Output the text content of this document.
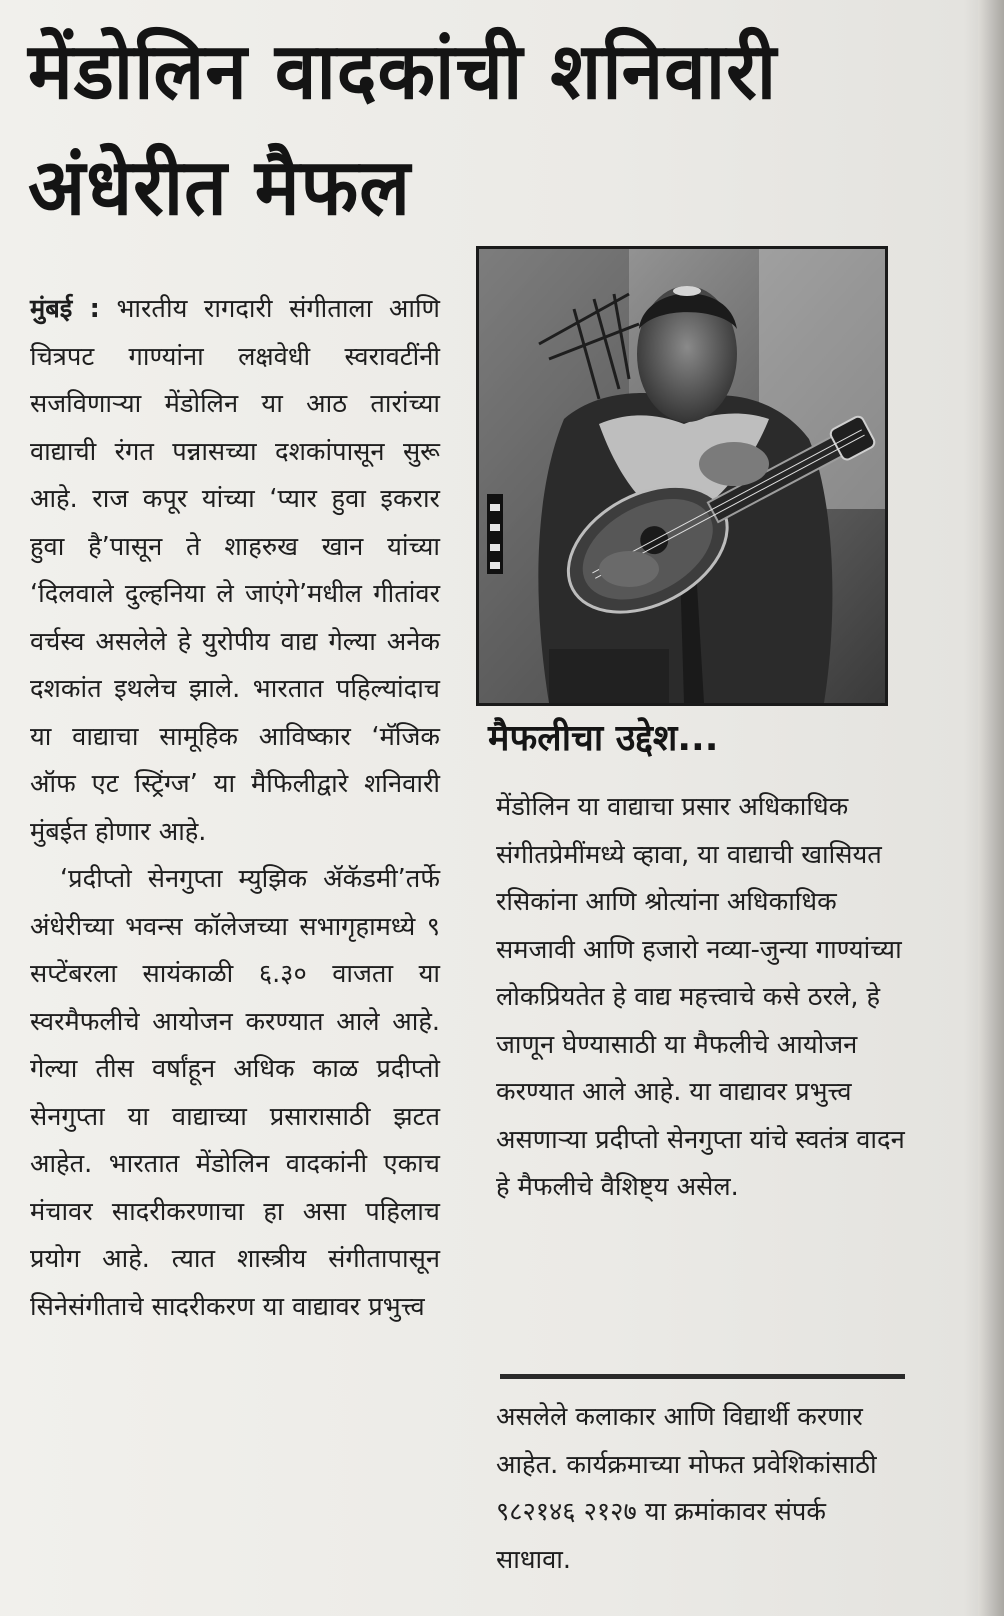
मेंडोलिन वादकांची शनिवारी
अंधेरीत मैफल

मुंबई : भारतीय रागदारी संगीताला आणि चित्रपट गाण्यांना लक्षवेधी स्वरावटींनी सजविणाऱ्या मेंडोलिन या आठ तारांच्या वाद्याची रंगत पन्नासच्या दशकांपासून सुरू आहे. राज कपूर यांच्या ‘प्यार हुवा इकरार हुवा है’पासून ते शाहरुख खान यांच्या ‘दिलवाले दुल्हनिया ले जाएंगे’मधील गीतांवर वर्चस्व असलेले हे युरोपीय वाद्य गेल्या अनेक दशकांत इथलेच झाले. भारतात पहिल्यांदाच या वाद्याचा सामूहिक आविष्कार ‘मॅजिक ऑफ एट स्ट्रिंग्ज’ या मैफिलीद्वारे शनिवारी मुंबईत होणार आहे.

‘प्रदीप्तो सेनगुप्ता म्युझिक ॲकॅडमी’तर्फे अंधेरीच्या भवन्स कॉलेजच्या सभागृहामध्ये ९ सप्टेंबरला सायंकाळी ६.३० वाजता या स्वरमैफलीचे आयोजन करण्यात आले आहे. गेल्या तीस वर्षांहून अधिक काळ प्रदीप्तो सेनगुप्ता या वाद्याच्या प्रसारासाठी झटत आहेत. भारतात मेंडोलिन वादकांनी एकाच मंचावर सादरीकरणाचा हा असा पहिलाच प्रयोग आहे. त्यात शास्त्रीय संगीतापासून सिनेसंगीताचे सादरीकरण या वाद्यावर प्रभुत्त्व

मैफलीचा उद्देश...

मेंडोलिन या वाद्याचा प्रसार अधिकाधिक संगीतप्रेमींमध्ये व्हावा, या वाद्याची खासियत रसिकांना आणि श्रोत्यांना अधिकाधिक समजावी आणि हजारो नव्या-जुन्या गाण्यांच्या लोकप्रियतेत हे वाद्य महत्त्वाचे कसे ठरले, हे जाणून घेण्यासाठी या मैफलीचे आयोजन करण्यात आले आहे. या वाद्यावर प्रभुत्त्व असणाऱ्या प्रदीप्तो सेनगुप्ता यांचे स्वतंत्र वादन हे मैफलीचे वैशिष्ट्य असेल.

असलेले कलाकार आणि विद्यार्थी करणार आहेत. कार्यक्रमाच्या मोफत प्रवेशिकांसाठी ९८२१४६ २१२७ या क्रमांकावर संपर्क साधावा.
